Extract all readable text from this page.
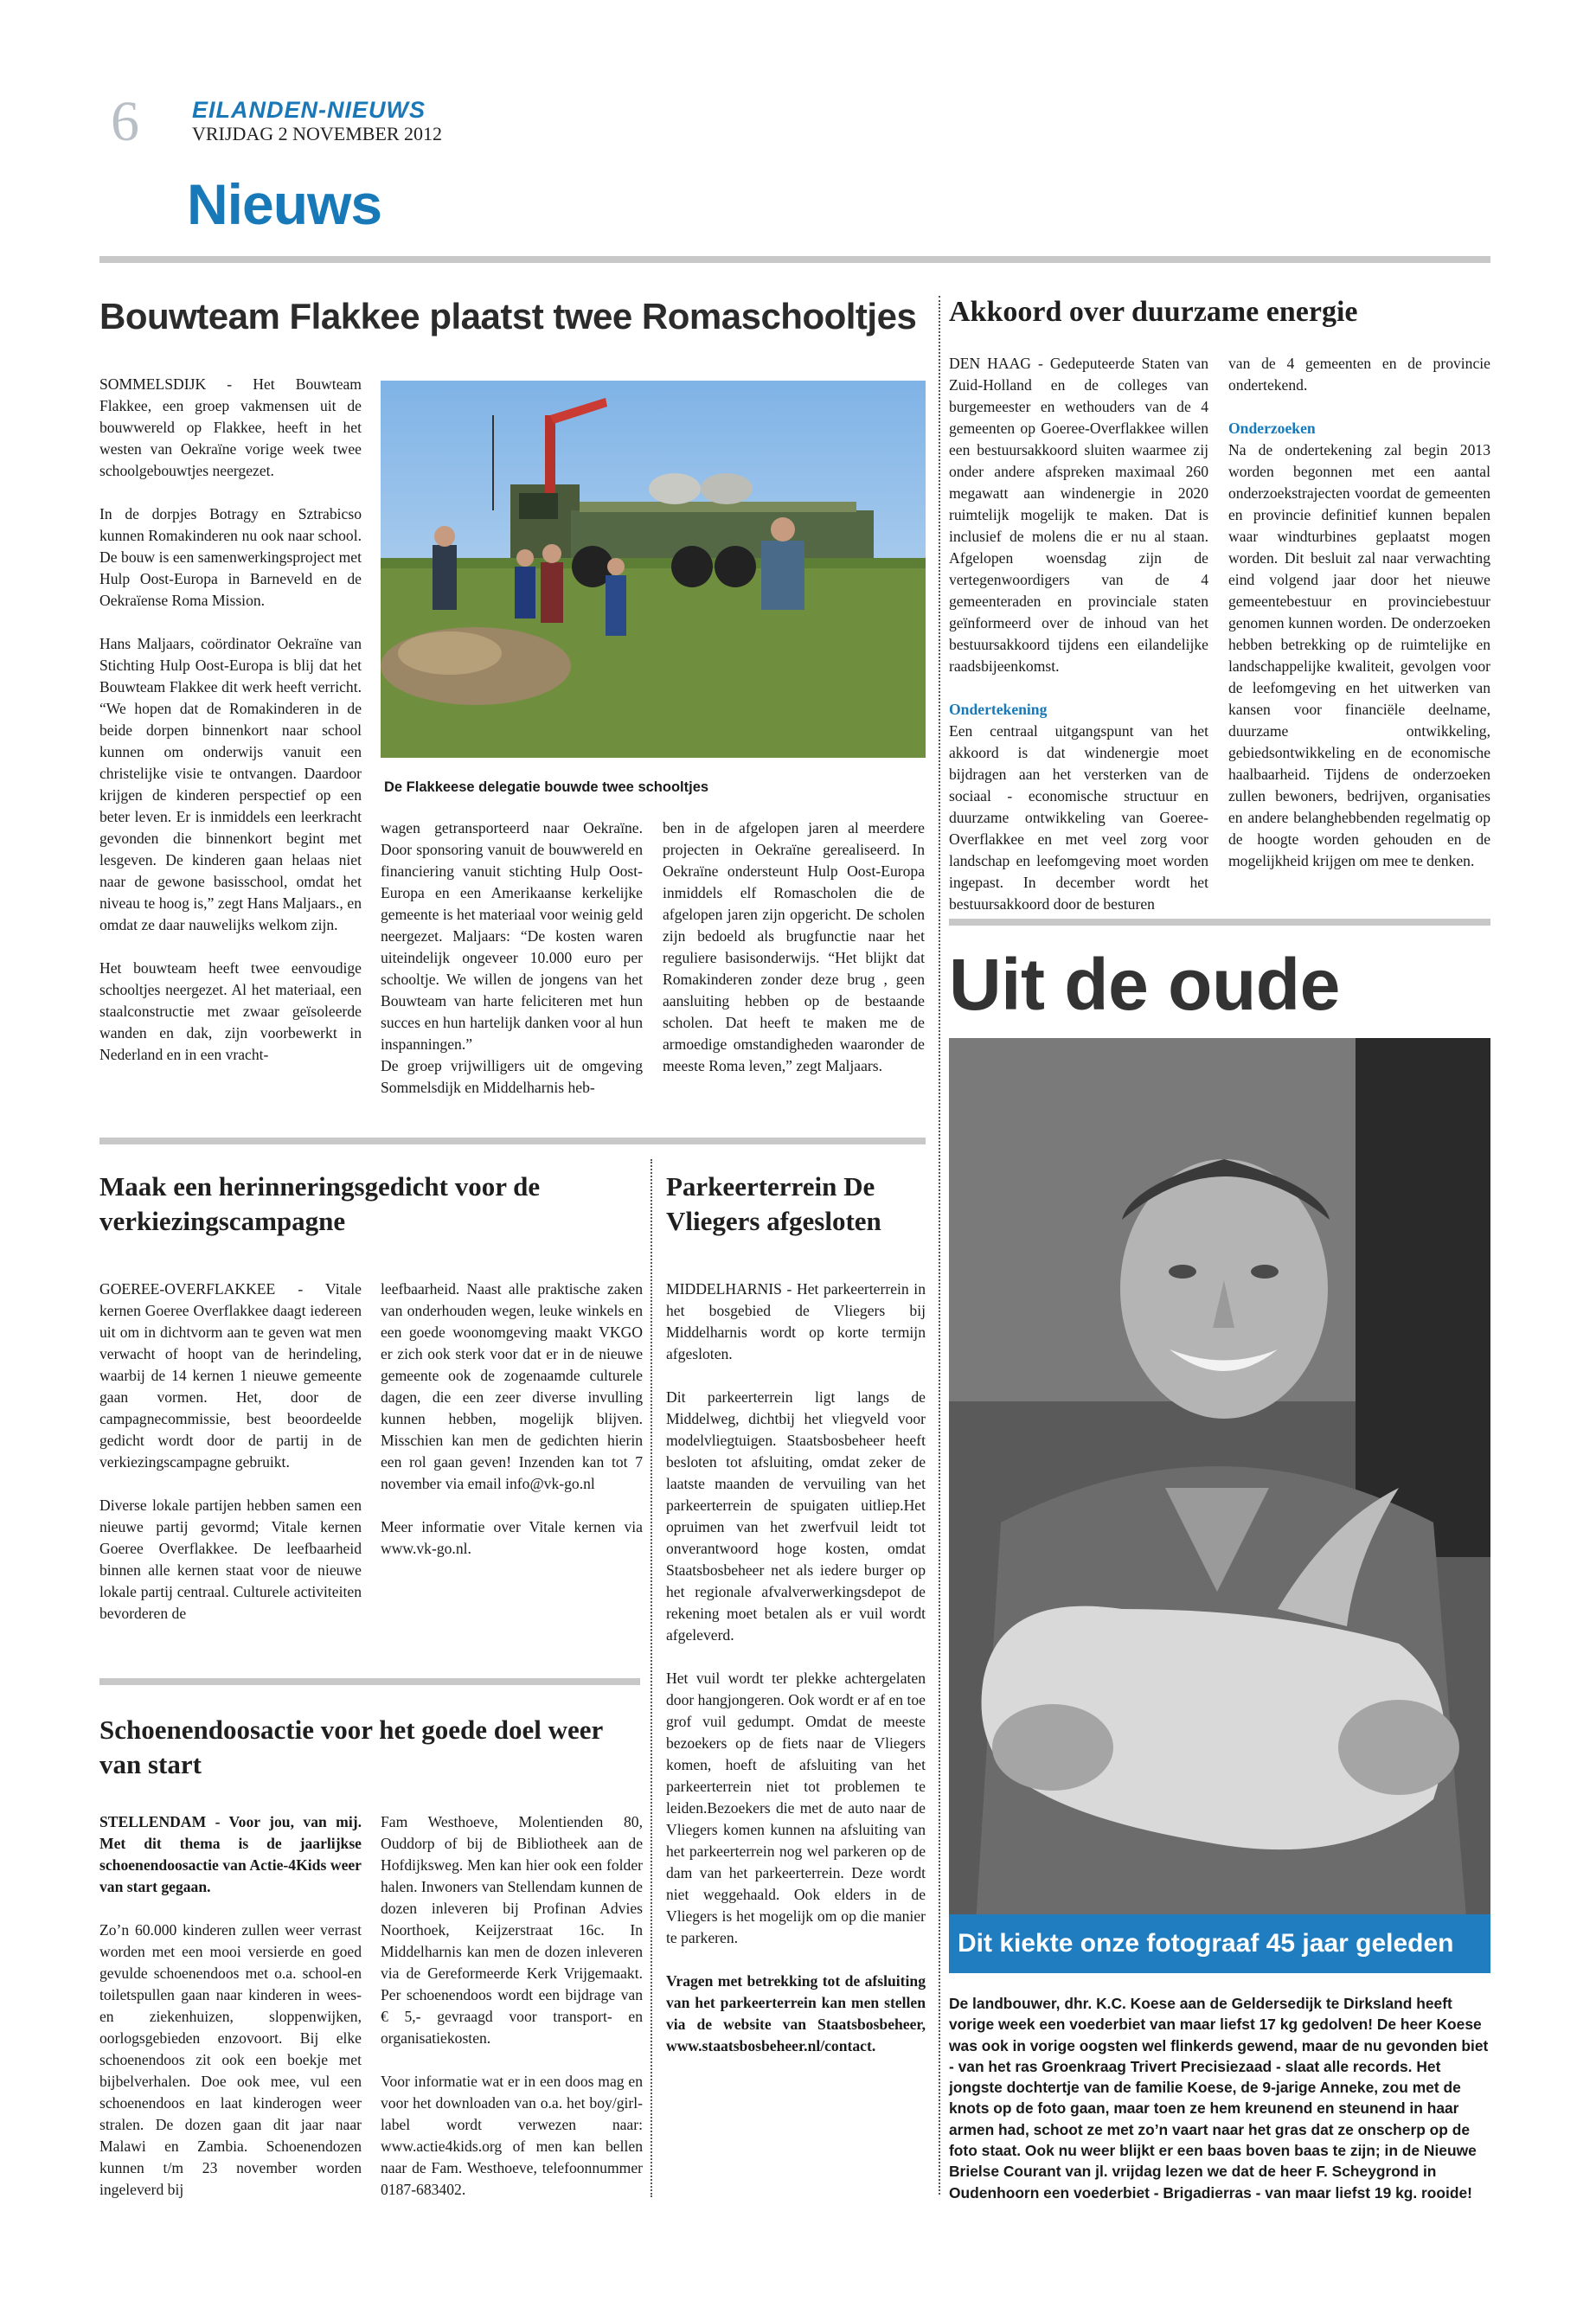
6 EILANDEN-NIEUWS
VRIJDAG 2 NOVEMBER 2012
Nieuws
Bouwteam Flakkee plaatst twee Romaschooltjes

SOMMELSDIJK - Het Bouwteam Flakkee, een groep vakmensen uit de bouwwereld op Flakkee, heeft in het westen van Oekraïne vorige week twee schoolgebouwtjes neergezet.

In de dorpjes Botragy en Sztrabicso kunnen Romakinderen nu ook naar school. De bouw is een samenwerkingsproject met Hulp Oost-Europa in Barneveld en de Oekraïense Roma Mission.

Hans Maljaars, coördinator Oekraïne van Stichting Hulp Oost-Europa is blij dat het Bouwteam Flakkee dit werk heeft verricht. “We hopen dat de Romakinderen in de beide dorpen binnenkort naar school kunnen om onderwijs vanuit een christelijke visie te ontvangen. Daardoor krijgen de kinderen perspectief op een beter leven. Er is inmiddels een leerkracht gevonden die binnenkort begint met lesgeven. De kinderen gaan helaas niet naar de gewone basisschool, omdat het niveau te hoog is,” zegt Hans Maljaars., en omdat ze daar nauwelijks welkom zijn.

Het bouwteam heeft twee eenvoudige schooltjes neergezet. Al het materiaal, een staalconstructie met zwaar geïsoleerde wanden en dak, zijn voorbewerkt in Nederland en in een vracht-

De Flakkeese delegatie bouwde twee schooltjes

wagen getransporteerd naar Oekraïne. Door sponsoring vanuit de bouwwereld en financiering vanuit stichting Hulp Oost-Europa en een Amerikaanse kerkelijke gemeente is het materiaal voor weinig geld neergezet. Maljaars: “De kosten waren uiteindelijk ongeveer 10.000 euro per schooltje. We willen de jongens van het Bouwteam van harte feliciteren met hun succes en hun hartelijk danken voor al hun inspanningen.”

De groep vrijwilligers uit de omgeving Sommelsdijk en Middelharnis heb-

ben in de afgelopen jaren al meerdere projecten in Oekraïne gerealiseerd. In Oekraïne ondersteunt Hulp Oost-Europa inmiddels elf Romascholen die de afgelopen jaren zijn opgericht. De scholen zijn bedoeld als brugfunctie naar het reguliere basisonderwijs. “Het blijkt dat Romakinderen zonder deze brug , geen aansluiting hebben op de bestaande scholen. Dat heeft te maken me de armoedige omstandigheden waaronder de meeste Roma leven,” zegt Maljaars.

Akkoord over duurzame energie

DEN HAAG - Gedeputeerde Staten van Zuid-Holland en de colleges van burgemeester en wethouders van de 4 gemeenten op Goeree-Overflakkee willen een bestuursakkoord sluiten waarmee zij onder andere afspreken maximaal 260 megawatt aan windenergie in 2020 ruimtelijk mogelijk te maken. Dat is inclusief de molens die er nu al staan. Afgelopen woensdag zijn de vertegenwoordigers van de 4 gemeenteraden en provinciale staten geïnformeerd over de inhoud van het bestuursakkoord tijdens een eilandelijke raadsbijeenkomst.

Ondertekening

Een centraal uitgangspunt van het akkoord is dat windenergie moet bijdragen aan het versterken van de sociaal - economische structuur en duurzame ontwikkeling van Goeree-Overflakkee en met veel zorg voor landschap en leefomgeving moet worden ingepast. In december wordt het bestuursakkoord door de besturen

van de 4 gemeenten en de provincie ondertekend.

Onderzoeken

Na de ondertekening zal begin 2013 worden begonnen met een aantal onderzoekstrajecten voordat de gemeenten en provincie definitief kunnen bepalen waar windturbines geplaatst mogen worden. Dit besluit zal naar verwachting eind volgend jaar door het nieuwe gemeentebestuur en provinciebestuur genomen kunnen worden. De onderzoeken hebben betrekking op de ruimtelijke en landschappelijke kwaliteit, gevolgen voor de leefomgeving en het uitwerken van kansen voor financiële deelname, duurzame ontwikkeling, gebiedsontwikkeling en de economische haalbaarheid. Tijdens de onderzoeken zullen bewoners, bedrijven, organisaties en andere belanghebbenden regelmatig op de hoogte worden gehouden en de mogelijkheid krijgen om mee te denken.

Uit de oude
Dit kiekte onze fotograaf 45 jaar geleden
De landbouwer, dhr. K.C. Koese aan de Geldersedijk te Dirksland heeft vorige week een voederbiet van maar liefst 17 kg gedolven! De heer Koese was ook in vorige oogsten wel flinkerds gewend, maar de nu gevonden biet - van het ras Groenkraag Trivert Precisiezaad - slaat alle records. Het jongste dochtertje van de familie Koese, de 9-jarige Anneke, zou met de knots op de foto gaan, maar toen ze hem kreunend en steunend in haar armen had, schoot ze met zo’n vaart naar het gras dat ze onscherp op de foto staat. Ook nu weer blijkt er een baas boven baas te zijn; in de Nieuwe Brielse Courant van jl. vrijdag lezen we dat de heer F. Scheygrond in Oudenhoorn een voederbiet - Brigadierras - van maar liefst 19 kg. rooide!
Maak een herinneringsgedicht voor de verkiezingscampagne

GOEREE-OVERFLAKKEE - Vitale kernen Goeree Overflakkee daagt iedereen uit om in dichtvorm aan te geven wat men verwacht of hoopt van de herindeling, waarbij de 14 kernen 1 nieuwe gemeente gaan vormen. Het, door de campagnecommissie, best beoordeelde gedicht wordt door de partij in de verkiezingscampagne gebruikt.

Diverse lokale partijen hebben samen een nieuwe partij gevormd; Vitale kernen Goeree Overflakkee. De leefbaarheid binnen alle kernen staat voor de nieuwe lokale partij centraal. Culturele activiteiten bevorderen de

leefbaarheid. Naast alle praktische zaken van onderhouden wegen, leuke winkels en een goede woonomgeving maakt VKGO er zich ook sterk voor dat er in de nieuwe gemeente ook de zogenaamde culturele dagen, die een zeer diverse invulling kunnen hebben, mogelijk blijven. Misschien kan men de gedichten hierin een rol gaan geven! Inzenden kan tot 7 november via email info@vk-go.nl

Meer informatie over Vitale kernen via www.vk-go.nl.

Parkeerterrein De Vliegers afgesloten

MIDDELHARNIS - Het parkeerterrein in het bosgebied de Vliegers bij Middelharnis wordt op korte termijn afgesloten.

Dit parkeerterrein ligt langs de Middelweg, dichtbij het vliegveld voor modelvliegtuigen. Staatsbosbeheer heeft besloten tot afsluiting, omdat zeker de laatste maanden de vervuiling van het parkeerterrein de spuigaten uitliep.Het opruimen van het zwerfvuil leidt tot onverantwoord hoge kosten, omdat Staatsbosbeheer net als iedere burger op het regionale afvalverwerkingsdepot de rekening moet betalen als er vuil wordt afgeleverd.

Het vuil wordt ter plekke achtergelaten door hangjongeren. Ook wordt er af en toe grof vuil gedumpt. Omdat de meeste bezoekers op de fiets naar de Vliegers komen, hoeft de afsluiting van het parkeerterrein niet tot problemen te leiden.Bezoekers die met de auto naar de Vliegers komen kunnen na afsluiting van het parkeerterrein nog wel parkeren op de dam van het parkeerterrein. Deze wordt niet weggehaald. Ook elders in de Vliegers is het mogelijk om op die manier te parkeren.

Vragen met betrekking tot de afsluiting van het parkeerterrein kan men stellen via de website van Staatsbosbeheer, www.staatsbosbeheer.nl/contact.

Schoenendoosactie voor het goede doel weer van start

STELLENDAM - Voor jou, van mij. Met dit thema is de jaarlijkse schoenendoosactie van Actie-4Kids weer van start gegaan.

Zo’n 60.000 kinderen zullen weer verrast worden met een mooi versierde en goed gevulde schoenendoos met o.a. school-en toiletspullen gaan naar kinderen in wees- en ziekenhuizen, sloppenwijken, oorlogsgebieden enzovoort. Bij elke schoenendoos zit ook een boekje met bijbelverhalen. Doe ook mee, vul een schoenendoos en laat kinderogen weer stralen. De dozen gaan dit jaar naar Malawi en Zambia. Schoenendozen kunnen t/m 23 november worden ingeleverd bij

Fam Westhoeve, Molentienden 80, Ouddorp of bij de Bibliotheek aan de Hofdijksweg. Men kan hier ook een folder halen. Inwoners van Stellendam kunnen de dozen inleveren bij Profinan Advies Noorthoek, Keijzerstraat 16c. In Middelharnis kan men de dozen inleveren via de Gereformeerde Kerk Vrijgemaakt. Per schoenendoos wordt een bijdrage van € 5,- gevraagd voor transport- en organisatiekosten.

Voor informatie wat er in een doos mag en voor het downloaden van o.a. het boy/girl-label wordt verwezen naar: www.actie4kids.org of men kan bellen naar de Fam. Westhoeve, telefoonnummer 0187-683402.
